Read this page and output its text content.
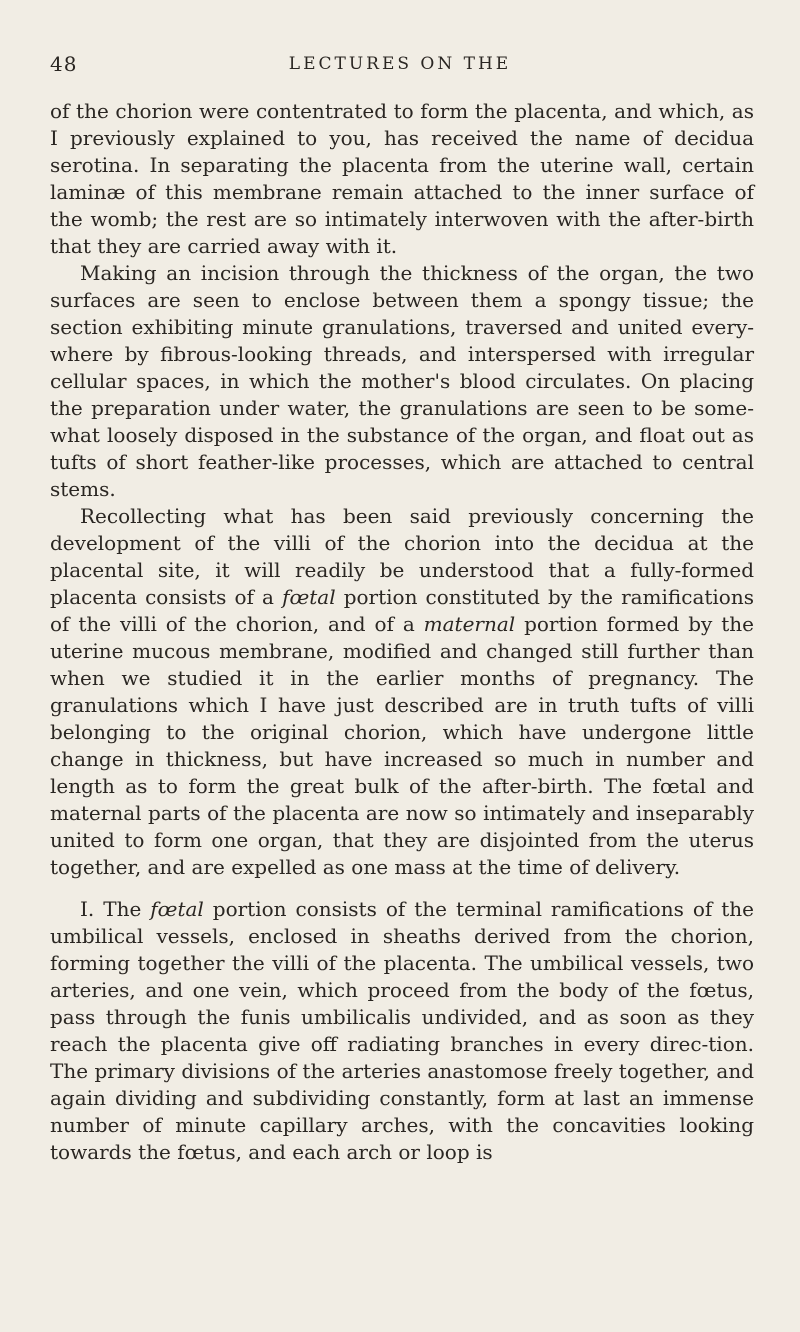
48	LECTURES ON THE

of the chorion were contentrated to form the placenta, and which, as I previously explained to you, has received the name of decidua serotina. In separating the placenta from the uterine wall, certain laminæ of this membrane remain attached to the inner surface of the womb; the rest are so intimately interwoven with the after-birth that they are carried away with it.

Making an incision through the thickness of the organ, the two surfaces are seen to enclose between them a spongy tissue; the section exhibiting minute granulations, traversed and united every-where by fibrous-looking threads, and interspersed with irregular cellular spaces, in which the mother's blood circulates. On placing the preparation under water, the granulations are seen to be some-what loosely disposed in the substance of the organ, and float out as tufts of short feather-like processes, which are attached to central stems.

Recollecting what has been said previously concerning the development of the villi of the chorion into the decidua at the placental site, it will readily be understood that a fully-formed placenta consists of a fœtal portion constituted by the ramifications of the villi of the chorion, and of a maternal portion formed by the uterine mucous membrane, modified and changed still further than when we studied it in the earlier months of pregnancy. The granulations which I have just described are in truth tufts of villi belonging to the original chorion, which have undergone little change in thickness, but have increased so much in number and length as to form the great bulk of the after-birth. The fœtal and maternal parts of the placenta are now so intimately and inseparably united to form one organ, that they are disjointed from the uterus together, and are expelled as one mass at the time of delivery.

I. The fœtal portion consists of the terminal ramifications of the umbilical vessels, enclosed in sheaths derived from the chorion, forming together the villi of the placenta. The umbilical vessels, two arteries, and one vein, which proceed from the body of the fœtus, pass through the funis umbilicalis undivided, and as soon as they reach the placenta give off radiating branches in every direc-tion. The primary divisions of the arteries anastomose freely together, and again dividing and subdividing constantly, form at last an immense number of minute capillary arches, with the concavities looking towards the fœtus, and each arch or loop is
